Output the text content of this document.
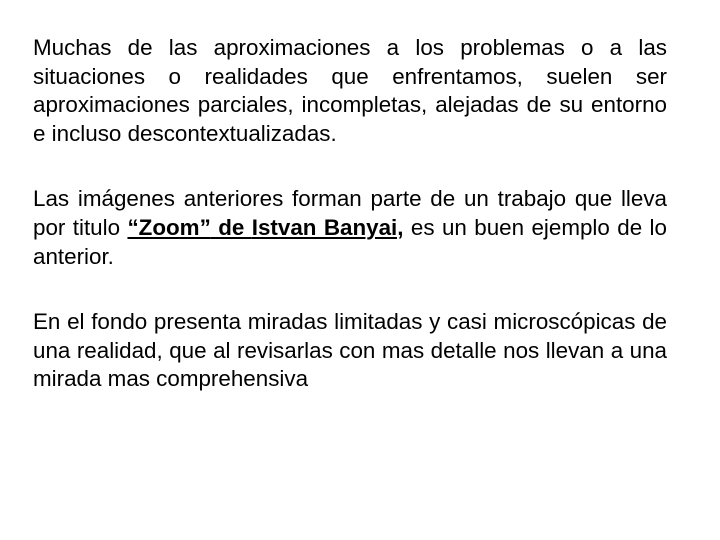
Muchas de las aproximaciones a los problemas o a las situaciones o realidades que enfrentamos, suelen ser aproximaciones parciales, incompletas, alejadas de su entorno e incluso descontextualizadas.

Las imágenes anteriores forman parte de un trabajo que lleva por titulo “Zoom” de Istvan Banyai, es un buen ejemplo de lo anterior.

En el fondo presenta miradas limitadas y casi microscópicas de una realidad, que al revisarlas con mas detalle nos llevan a una mirada mas comprehensiva
